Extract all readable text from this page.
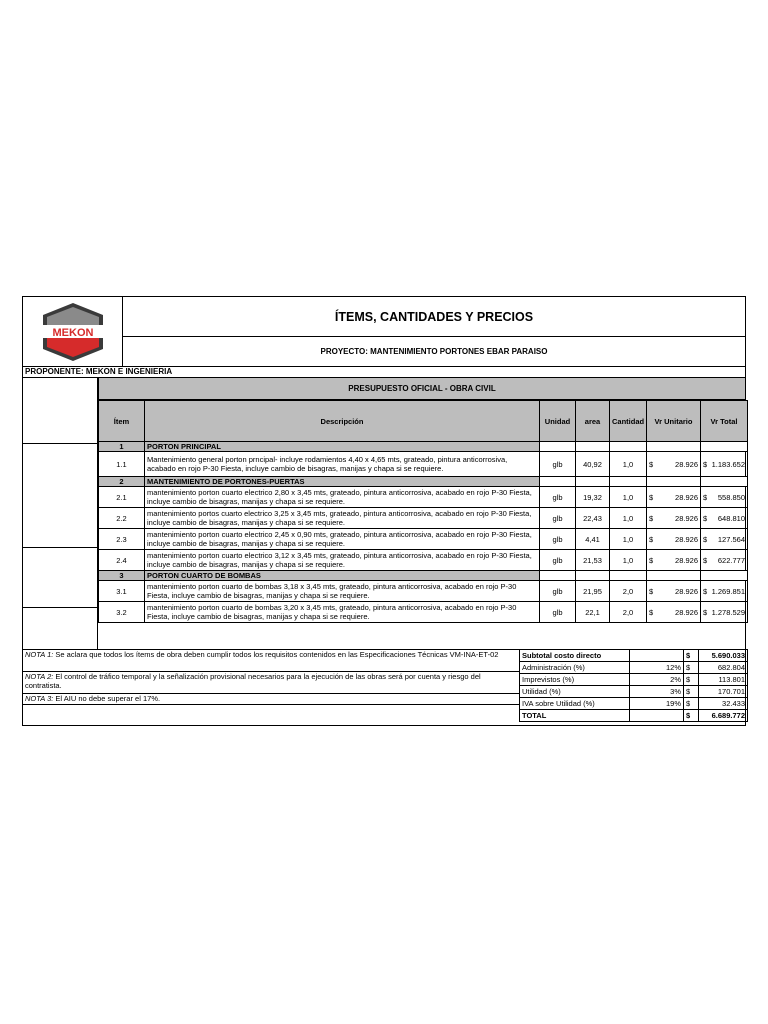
MEKON
ÍTEMS, CANTIDADES Y PRECIOS
PROYECTO: MANTENIMIENTO PORTONES EBAR PARAISO
PROPONENTE: MEKON E INGENIERIA
PRESUPUESTO OFICIAL - OBRA CIVIL
Ítem	Descripción	Unidad	area	Cantidad	Vr Unitario	Vr Total
1	PORTON PRINCIPAL					
1.1	Mantenimiento general porton prncipal- incluye rodamientos 4,40 x 4,65 mts, grateado, pintura anticorrosiva, acabado en rojo P-30 Fiesta, incluye cambio de bisagras, manijas y chapa si se requiere.	glb	40,92	1,0	$ 28.926	$ 1.183.652

2	MANTENIMIENTO DE PORTONES-PUERTAS					
2.1	mantenimiento porton cuarto electrico 2,80 x 3,45 mts, grateado, pintura anticorrosiva, acabado en rojo P-30 Fiesta, incluye cambio de bisagras, manijas y chapa si se requiere.	glb	19,32	1,0	$ 28.926	$ 558.850

2.2	mantenimiento portos cuarto electrico 3,25 x 3,45 mts, grateado, pintura anticorrosiva, acabado en rojo P-30 Fiesta, incluye cambio de bisagras, manijas y chapa si se requiere.	glb	22,43	1,0	$ 28.926	$ 648.810

2.3	mantenimiento porton cuarto electrico 2,45 x 0,90 mts, grateado, pintura anticorrosiva, acabado en rojo P-30 Fiesta, incluye cambio de bisagras, manijas y chapa si se requiere.	glb	4,41	1,0	$ 28.926	$ 127.564

2.4	mantenimiento porton cuarto electrico 3,12 x 3,45 mts, grateado, pintura anticorrosiva, acabado en rojo P-30 Fiesta, incluye cambio de bisagras, manijas y chapa si se requiere.	glb	21,53	1,0	$ 28.926	$ 622.777

3	PORTON CUARTO DE BOMBAS					
3.1	mantenimiento porton cuarto de bombas 3,18 x 3,45 mts, grateado, pintura anticorrosiva, acabado en rojo P-30 Fiesta, incluye cambio de bisagras, manijas y chapa si se requiere.	glb	21,95	2,0	$ 28.926	$ 1.269.851

3.2	mantenimiento porton cuarto de bombas 3,20 x 3,45 mts, grateado, pintura anticorrosiva, acabado en rojo P-30 Fiesta, incluye cambio de bisagras, manijas y chapa si se requiere.	glb	22,1	2,0	$ 28.926	$ 1.278.529
NOTA 1: Se aclara que todos los ítems de obra deben cumplir todos los requisitos contenidos en las Especificaciones Técnicas VM-INA-ET-02
NOTA 2: El control de tráfico temporal y la señalización provisional necesarios para la ejecución de las obras será por cuenta y riesgo del contratista.
NOTA 3: El AIU no debe superar el 17%.
Subtotal costo directo		$	5.690.033
Administración (%)	12%	$	682.804
Imprevistos (%)	2%	$	113.801
Utilidad (%)	3%	$	170.701
IVA sobre Utilidad (%)	19%	$	32.433
TOTAL		$	6.689.772
